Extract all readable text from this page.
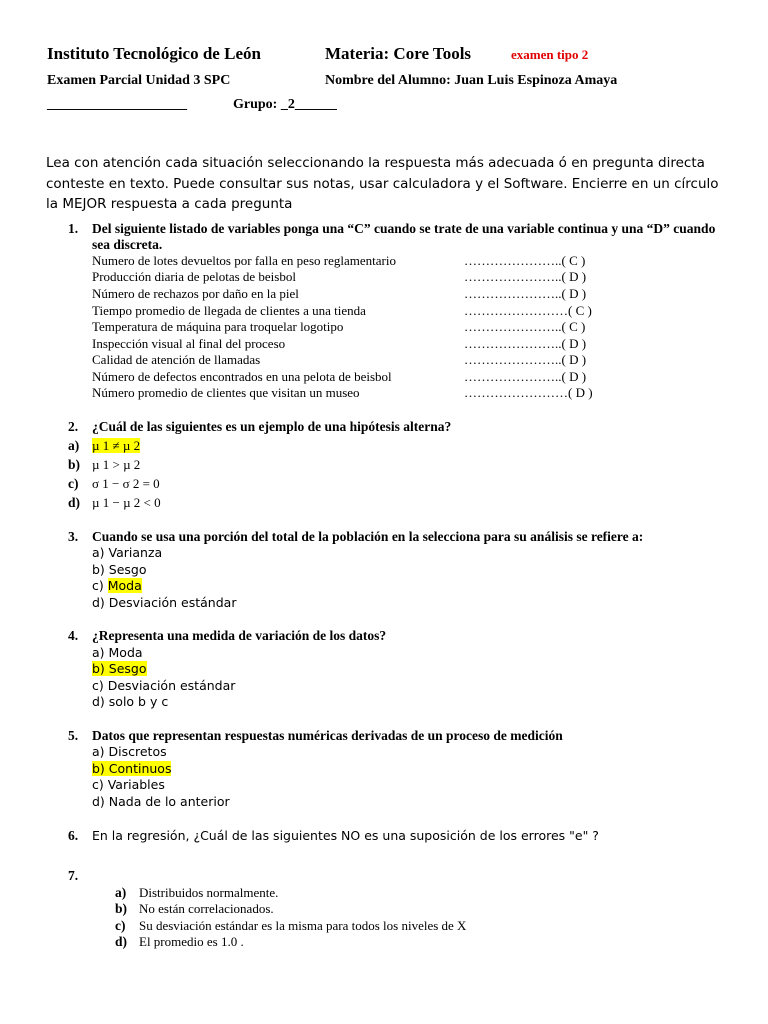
Instituto Tecnológico de León	Materia: Core Tools	examen tipo 2
Examen Parcial Unidad 3 SPC	Nombre del Alumno: Juan Luis Espinoza Amaya
____________________	Grupo: _2______
Lea con atención cada situación seleccionando la respuesta más adecuada ó en pregunta directa conteste en texto. Puede consultar sus notas, usar calculadora y el Software. Encierre en un círculo la MEJOR respuesta a cada pregunta
1. Del siguiente listado de variables ponga una “C” cuando se trate de una variable continua y una “D” cuando sea discreta.
Numero de lotes devueltos por falla en peso reglamentario	…………………..( C )
Producción diaria de pelotas de beisbol	…………………..( D )
Número de rechazos por daño en la piel	…………………..( D )
Tiempo promedio de llegada de clientes a una tienda	……………………( C )
Temperatura de máquina para troquelar logotipo	…………………..( C )
Inspección visual al final del proceso	…………………..( D )
Calidad de atención de llamadas	…………………..( D )
Número de defectos encontrados en una pelota de beisbol	…………………..( D )
Número promedio de clientes que visitan un museo	……………………( D )
2. ¿Cuál de las siguientes es un ejemplo de una hipótesis alterna?
a) µ 1 ≠ µ 2
b) µ 1 > µ 2
c) σ 1 − σ 2 = 0
d) µ 1 − µ 2 < 0
3. Cuando se usa una porción del total de la población en la selecciona para su análisis se refiere a:
a) Varianza
b) Sesgo
c) Moda
d) Desviación estándar
4. ¿Representa una medida de variación de los datos?
a) Moda
b) Sesgo
c) Desviación estándar
d) solo b y c
5. Datos que representan respuestas numéricas derivadas de un proceso de medición
a) Discretos
b) Continuos
c) Variables
d) Nada de lo anterior
6. En la regresión, ¿Cuál de las siguientes NO es una suposición de los errores "e" ?
7.
a) Distribuidos normalmente.
b) No están correlacionados.
c) Su desviación estándar es la misma para todos los niveles de X
d) El promedio es 1.0 .
